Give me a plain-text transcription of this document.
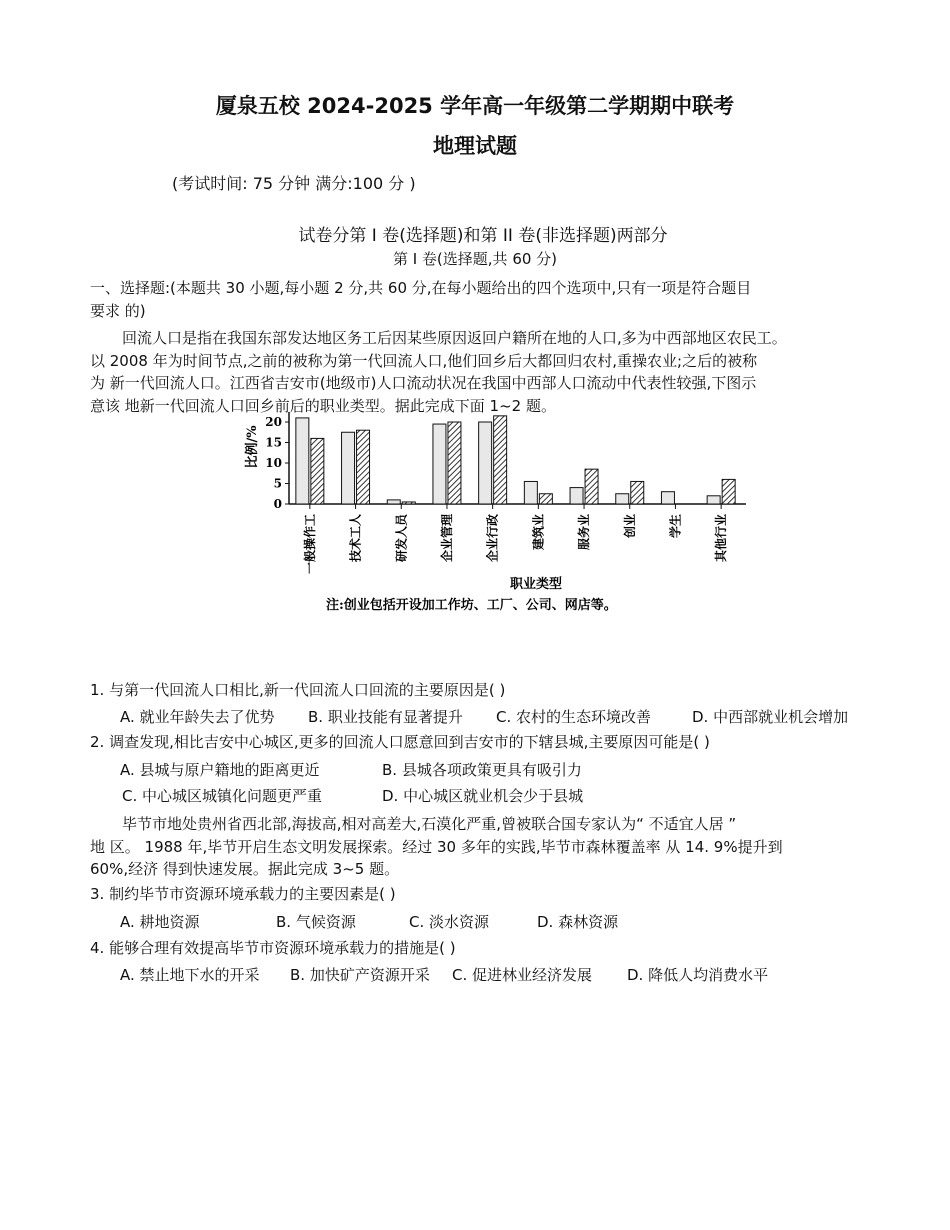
厦泉五校 2024-2025 学年高一年级第二学期期中联考
地理试题
(考试时间: 75 分钟 满分:100 分 )
试卷分第 I 卷(选择题)和第 II 卷(非选择题)两部分
第 I 卷(选择题,共 60 分)

一、选择题:(本题共 30 小题,每小题 2 分,共 60 分,在每小题给出的四个选项中,只有一项是符合题目

要求 的)

回流人口是指在我国东部发达地区务工后因某些原因返回户籍所在地的人口,多为中西部地区农民工。

以 2008 年为时间节点,之前的被称为第一代回流人口,他们回乡后大都回归农村,重操农业;之后的被称

为 新一代回流人口。江西省吉安市(地级市)人口流动状况在我国中西部人口流动中代表性较强,下图示

意该 地新一代回流人口回乡前后的职业类型。据此完成下面 1~2 题。

0
5
10
15
20
一般操作工	技术工人	研发人员	企业管理	企业行政	建筑业	服务业	创业	学生	其他行业
比例/%
职业类型
注:创业包括开设加工作坊、工厂、公司、网店等。
1. 与第一代回流人口相比,新一代回流人口回流的主要原因是( )
A. 就业年龄失去了优势 B. 职业技能有显著提升 C. 农村的生态环境改善	D. 中西部就业机会增加
2. 调查发现,相比吉安中心城区,更多的回流人口愿意回到吉安市的下辖县城,主要原因可能是( )
A. 县城与原户籍地的距离更近	B. 县城各项政策更具有吸引力
C. 中心城区城镇化问题更严重	D. 中心城区就业机会少于县城

毕节市地处贵州省西北部,海拔高,相对高差大,石漠化严重,曾被联合国专家认为“ 不适宜人居 ”

地 区。 1988 年,毕节开启生态文明发展探索。经过 30 多年的实践,毕节市森林覆盖率 从 14. 9%提升到

60%,经济 得到快速发展。据此完成 3~5 题。

3. 制约毕节市资源环境承载力的主要因素是( )
A. 耕地资源	B. 气候资源	C. 淡水资源	D. 森林资源
4. 能够合理有效提高毕节市资源环境承载力的措施是( )
A. 禁止地下水的开采 B. 加快矿产资源开采 C. 促进林业经济发展 D. 降低人均消费水平
